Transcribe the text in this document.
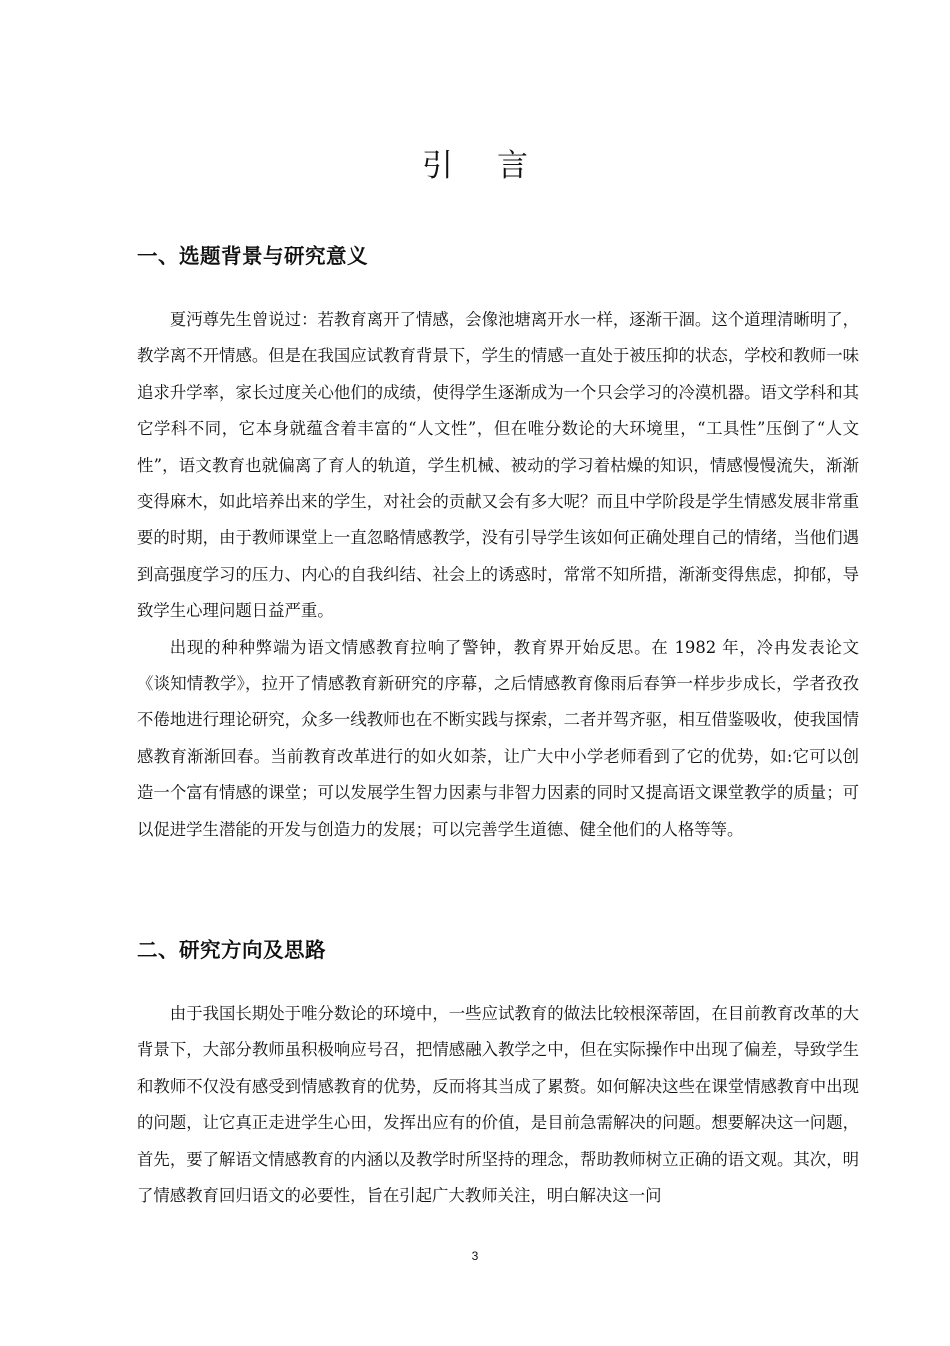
引言
一、选题背景与研究意义

夏沔尊先生曾说过：若教育离开了情感，会像池塘离开水一样，逐渐干涸。这个道理清晰明了，教学离不开情感。但是在我国应试教育背景下，学生的情感一直处于被压抑的状态，学校和教师一味追求升学率，家长过度关心他们的成绩，使得学生逐渐成为一个只会学习的冷漠机器。语文学科和其它学科不同，它本身就蕴含着丰富的“人文性”，但在唯分数论的大环境里，“工具性”压倒了“人文性”，语文教育也就偏离了育人的轨道，学生机械、被动的学习着枯燥的知识，情感慢慢流失，渐渐变得麻木，如此培养出来的学生，对社会的贡献又会有多大呢？而且中学阶段是学生情感发展非常重要的时期，由于教师课堂上一直忽略情感教学，没有引导学生该如何正确处理自己的情绪，当他们遇到高强度学习的压力、内心的自我纠结、社会上的诱惑时，常常不知所措，渐渐变得焦虑，抑郁，导致学生心理问题日益严重。

出现的种种弊端为语文情感教育拉响了警钟，教育界开始反思。在 1982 年，冷冉发表论文《谈知情教学》，拉开了情感教育新研究的序幕，之后情感教育像雨后春笋一样步步成长，学者孜孜不倦地进行理论研究，众多一线教师也在不断实践与探索，二者并驾齐驱，相互借鉴吸收，使我国情感教育渐渐回春。当前教育改革进行的如火如荼，让广大中小学老师看到了它的优势，如:它可以创造一个富有情感的课堂；可以发展学生智力因素与非智力因素的同时又提高语文课堂教学的质量；可以促进学生潜能的开发与创造力的发展；可以完善学生道德、健全他们的人格等等。

二、研究方向及思路

由于我国长期处于唯分数论的环境中，一些应试教育的做法比较根深蒂固，在目前教育改革的大背景下，大部分教师虽积极响应号召，把情感融入教学之中，但在实际操作中出现了偏差，导致学生和教师不仅没有感受到情感教育的优势，反而将其当成了累赘。如何解决这些在课堂情感教育中出现的问题，让它真正走进学生心田，发挥出应有的价值，是目前急需解决的问题。想要解决这一问题，首先，要了解语文情感教育的内涵以及教学时所坚持的理念，帮助教师树立正确的语文观。其次，明了情感教育回归语文的必要性，旨在引起广大教师关注，明白解决这一问

3
